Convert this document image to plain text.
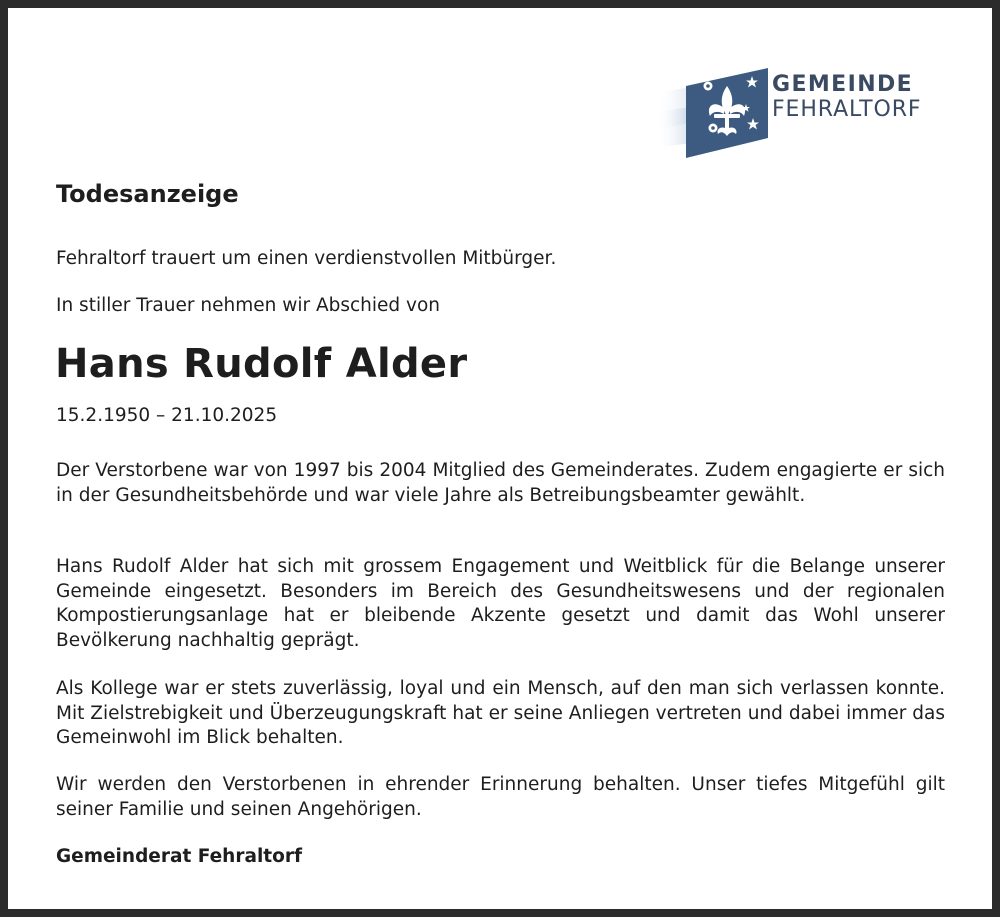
GEMEINDE
FEHRALTORF
Todesanzeige

Fehraltorf trauert um einen verdienstvollen Mitbürger.

In stiller Trauer nehmen wir Abschied von

Hans Rudolf Alder

15.2.1950 – 21.10.2025

Der Verstorbene war von 1997 bis 2004 Mitglied des Gemeinderates. Zudem engagierte er sich in der Gesundheitsbehörde und war viele Jahre als Betreibungsbeamter gewählt.

Hans Rudolf Alder hat sich mit grossem Engagement und Weitblick für die Belange unserer Gemeinde eingesetzt. Besonders im Bereich des Gesundheitswesens und der regionalen Kompostierungsanlage hat er bleibende Akzente gesetzt und damit das Wohl unserer Bevölkerung nachhaltig geprägt.

Als Kollege war er stets zuverlässig, loyal und ein Mensch, auf den man sich verlassen konnte. Mit Zielstrebigkeit und Überzeugungskraft hat er seine Anliegen vertreten und dabei immer das Gemeinwohl im Blick behalten.

Wir werden den Verstorbenen in ehrender Erinnerung behalten. Unser tiefes Mitgefühl gilt seiner Familie und seinen Angehörigen.

Gemeinderat Fehraltorf
